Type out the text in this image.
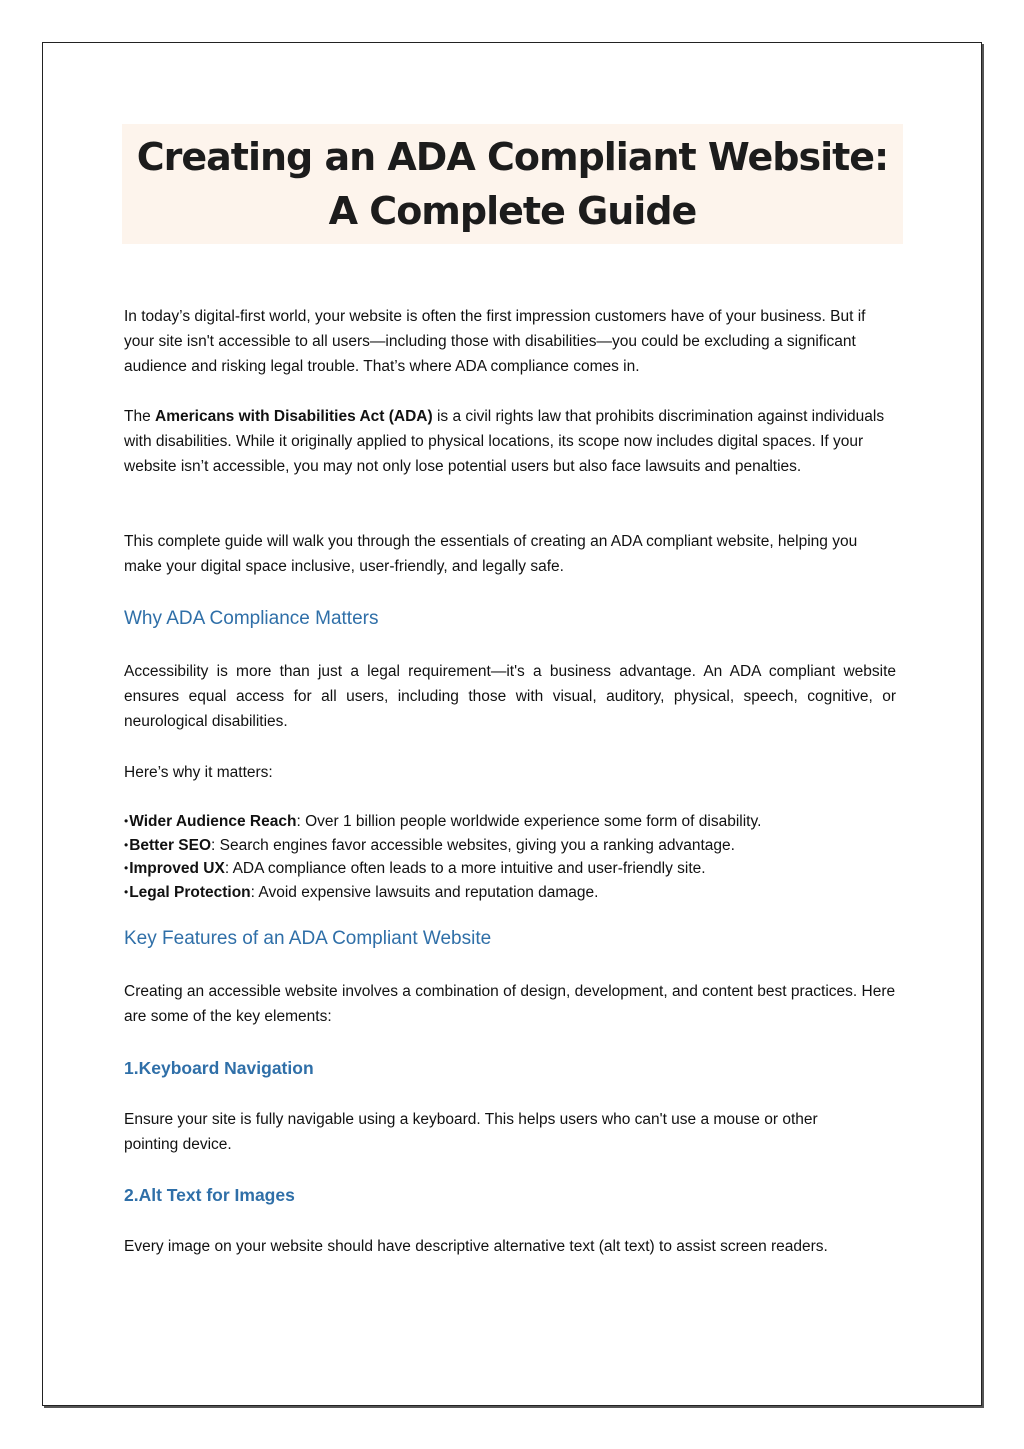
Creating an ADA Compliant Website:
A Complete Guide

In today’s digital-first world, your website is often the first impression customers have of your business. But if your site isn't accessible to all users—including those with disabilities—you could be excluding a significant audience and risking legal trouble. That’s where ADA compliance comes in.

The Americans with Disabilities Act (ADA) is a civil rights law that prohibits discrimination against individuals with disabilities. While it originally applied to physical locations, its scope now includes digital spaces. If your website isn’t accessible, you may not only lose potential users but also face lawsuits and penalties.

This complete guide will walk you through the essentials of creating an ADA compliant website, helping you make your digital space inclusive, user-friendly, and legally safe.

Why ADA Compliance Matters

Accessibility is more than just a legal requirement—it's a business advantage. An ADA compliant website ensures equal access for all users, including those with visual, auditory, physical, speech, cognitive, or neurological disabilities.

Here’s why it matters:

•Wider Audience Reach: Over 1 billion people worldwide experience some form of disability.
•Better SEO: Search engines favor accessible websites, giving you a ranking advantage.
•Improved UX: ADA compliance often leads to a more intuitive and user-friendly site.
•Legal Protection: Avoid expensive lawsuits and reputation damage.
Key Features of an ADA Compliant Website

Creating an accessible website involves a combination of design, development, and content best practices. Here are some of the key elements:

1.Keyboard Navigation

Ensure your site is fully navigable using a keyboard. This helps users who can't use a mouse or other pointing device.

2.Alt Text for Images

Every image on your website should have descriptive alternative text (alt text) to assist screen readers.
